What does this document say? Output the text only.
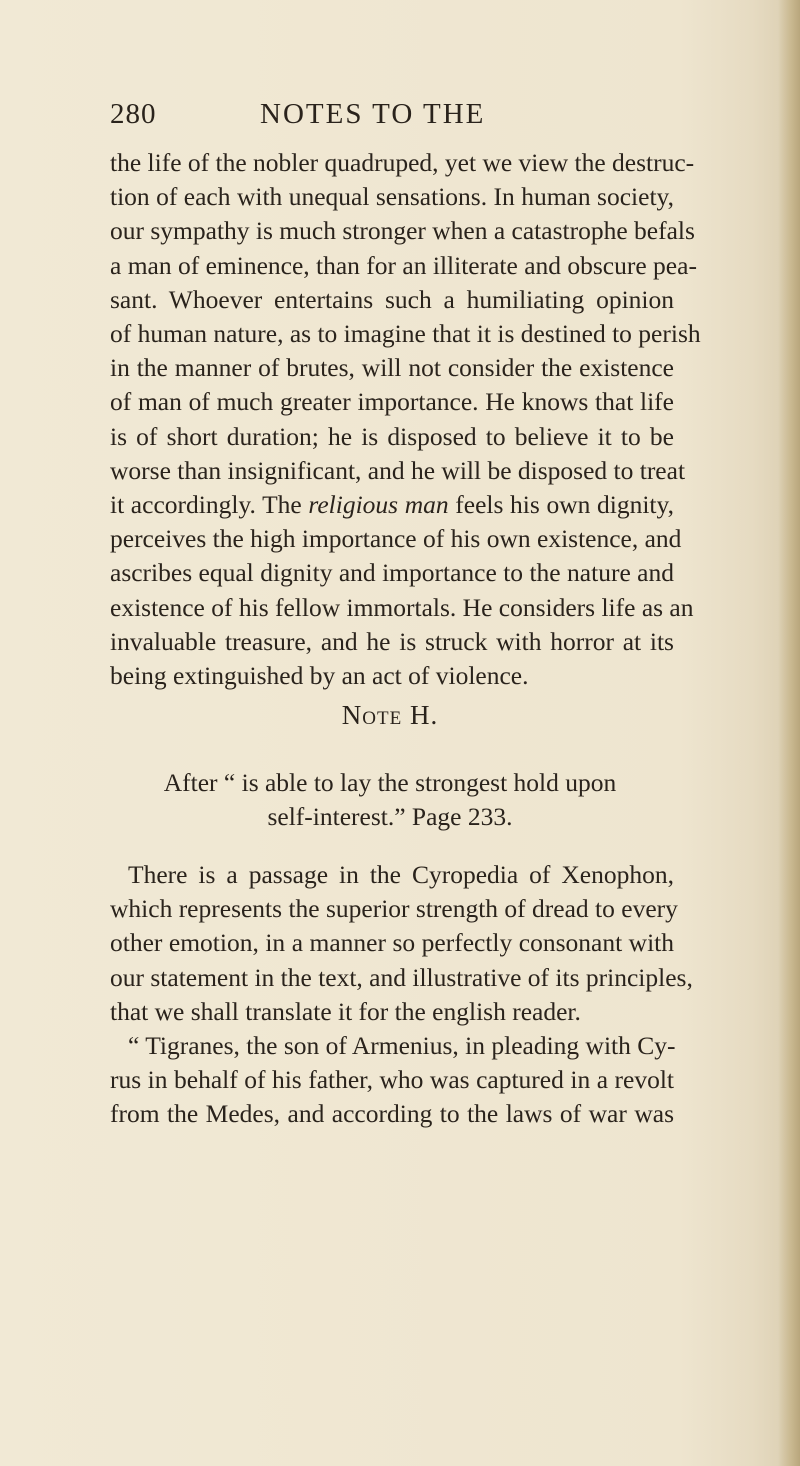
280	NOTES TO THE
the life of the nobler quadruped, yet we view the destruc-
tion of each with unequal sensations. In human society,
our sympathy is much stronger when a catastrophe befals
a man of eminence, than for an illiterate and obscure pea-
sant. Whoever entertains such a humiliating opinion
of human nature, as to imagine that it is destined to perish
in the manner of brutes, will not consider the existence
of man of much greater importance. He knows that life
is of short duration; he is disposed to believe it to be
worse than insignificant, and he will be disposed to treat
it accordingly. The religious man feels his own dignity,
perceives the high importance of his own existence, and
ascribes equal dignity and importance to the nature and
existence of his fellow immortals. He considers life as an
invaluable treasure, and he is struck with horror at its
being extinguished by an act of violence.
Note H.
After “ is able to lay the strongest hold upon
self-interest.” Page 233.
There is a passage in the Cyropedia of Xenophon,
which represents the superior strength of dread to every
other emotion, in a manner so perfectly consonant with
our statement in the text, and illustrative of its principles,
that we shall translate it for the english reader.
“ Tigranes, the son of Armenius, in pleading with Cy-
rus in behalf of his father, who was captured in a revolt
from the Medes, and according to the laws of war was
